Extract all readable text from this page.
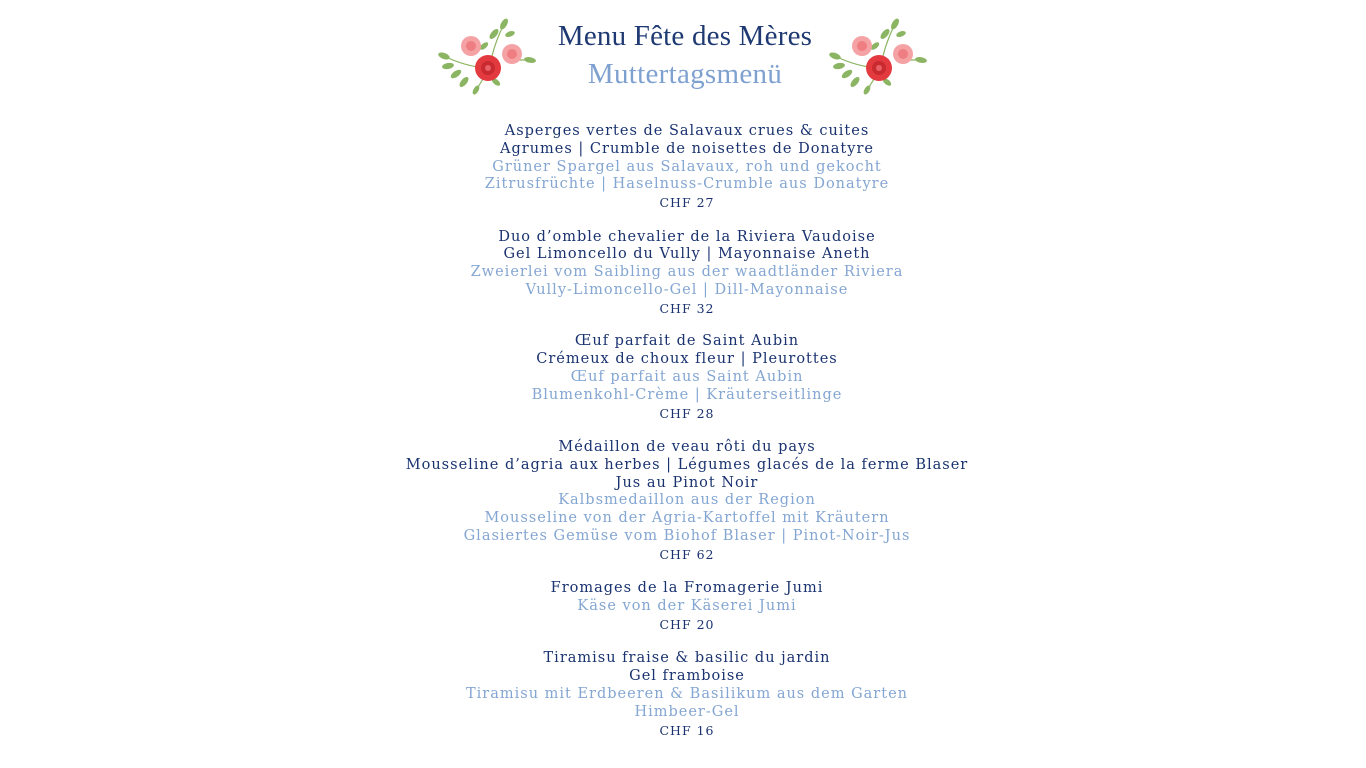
Menu Fête des Mères
Muttertagsmenü
Asperges vertes de Salavaux crues & cuites
Agrumes | Crumble de noisettes de Donatyre
Grüner Spargel aus Salavaux, roh und gekocht
Zitrusfrüchte | Haselnuss-Crumble aus Donatyre
CHF 27
Duo d’omble chevalier de la Riviera Vaudoise
Gel Limoncello du Vully | Mayonnaise Aneth
Zweierlei vom Saibling aus der waadtländer Riviera
Vully-Limoncello-Gel | Dill-Mayonnaise
CHF 32
Œuf parfait de Saint Aubin
Crémeux de choux fleur | Pleurottes
Œuf parfait aus Saint Aubin
Blumenkohl-Crème | Kräuterseitlinge
CHF 28
Médaillon de veau rôti du pays
Mousseline d’agria aux herbes | Légumes glacés de la ferme Blaser
Jus au Pinot Noir
Kalbsmedaillon aus der Region
Mousseline von der Agria-Kartoffel mit Kräutern
Glasiertes Gemüse vom Biohof Blaser | Pinot-Noir-Jus
CHF 62
Fromages de la Fromagerie Jumi
Käse von der Käserei Jumi
CHF 20
Tiramisu fraise & basilic du jardin
Gel framboise
Tiramisu mit Erdbeeren & Basilikum aus dem Garten
Himbeer-Gel
CHF 16
